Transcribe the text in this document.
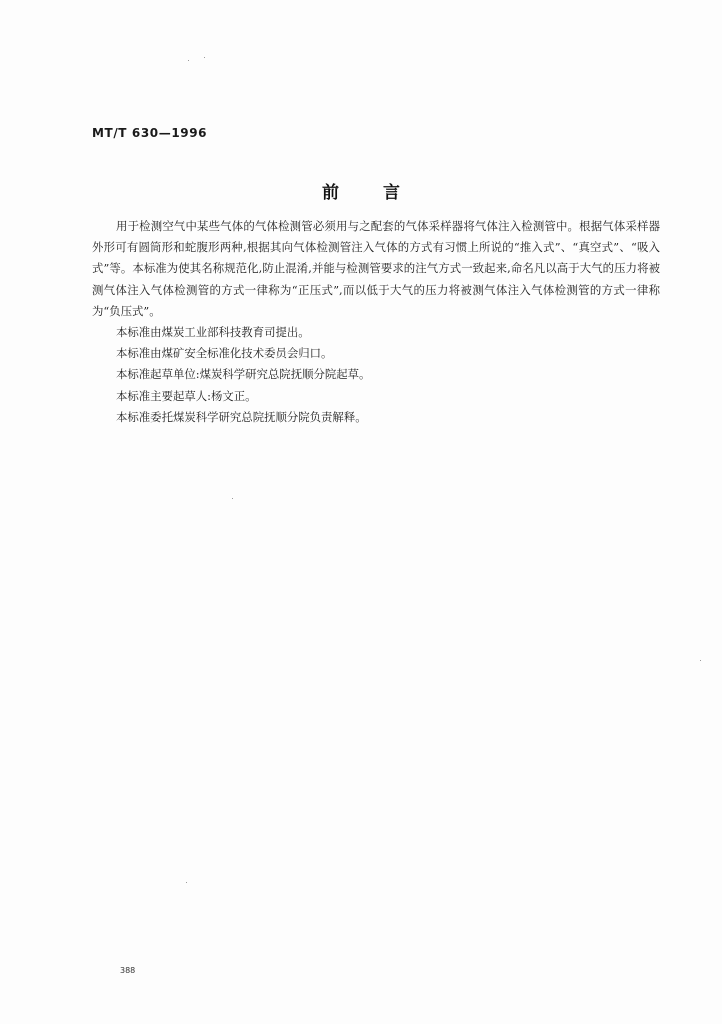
MT/T 630—1996
前言

用于检测空气中某些气体的气体检测管必须用与之配套的气体采样器将气体注入检测管中。根据气体采样器外形可有圆筒形和蛇腹形两种,根据其向气体检测管注入气体的方式有习惯上所说的“推入式”、“真空式”、“吸入式”等。本标准为使其名称规范化,防止混淆,并能与检测管要求的注气方式一致起来,命名凡以高于大气的压力将被测气体注入气体检测管的方式一律称为“正压式”,而以低于大气的压力将被测气体注入气体检测管的方式一律称为“负压式”。

本标准由煤炭工业部科技教育司提出。

本标准由煤矿安全标准化技术委员会归口。

本标准起草单位:煤炭科学研究总院抚顺分院起草。

本标准主要起草人:杨文正。

本标准委托煤炭科学研究总院抚顺分院负责解释。

388
